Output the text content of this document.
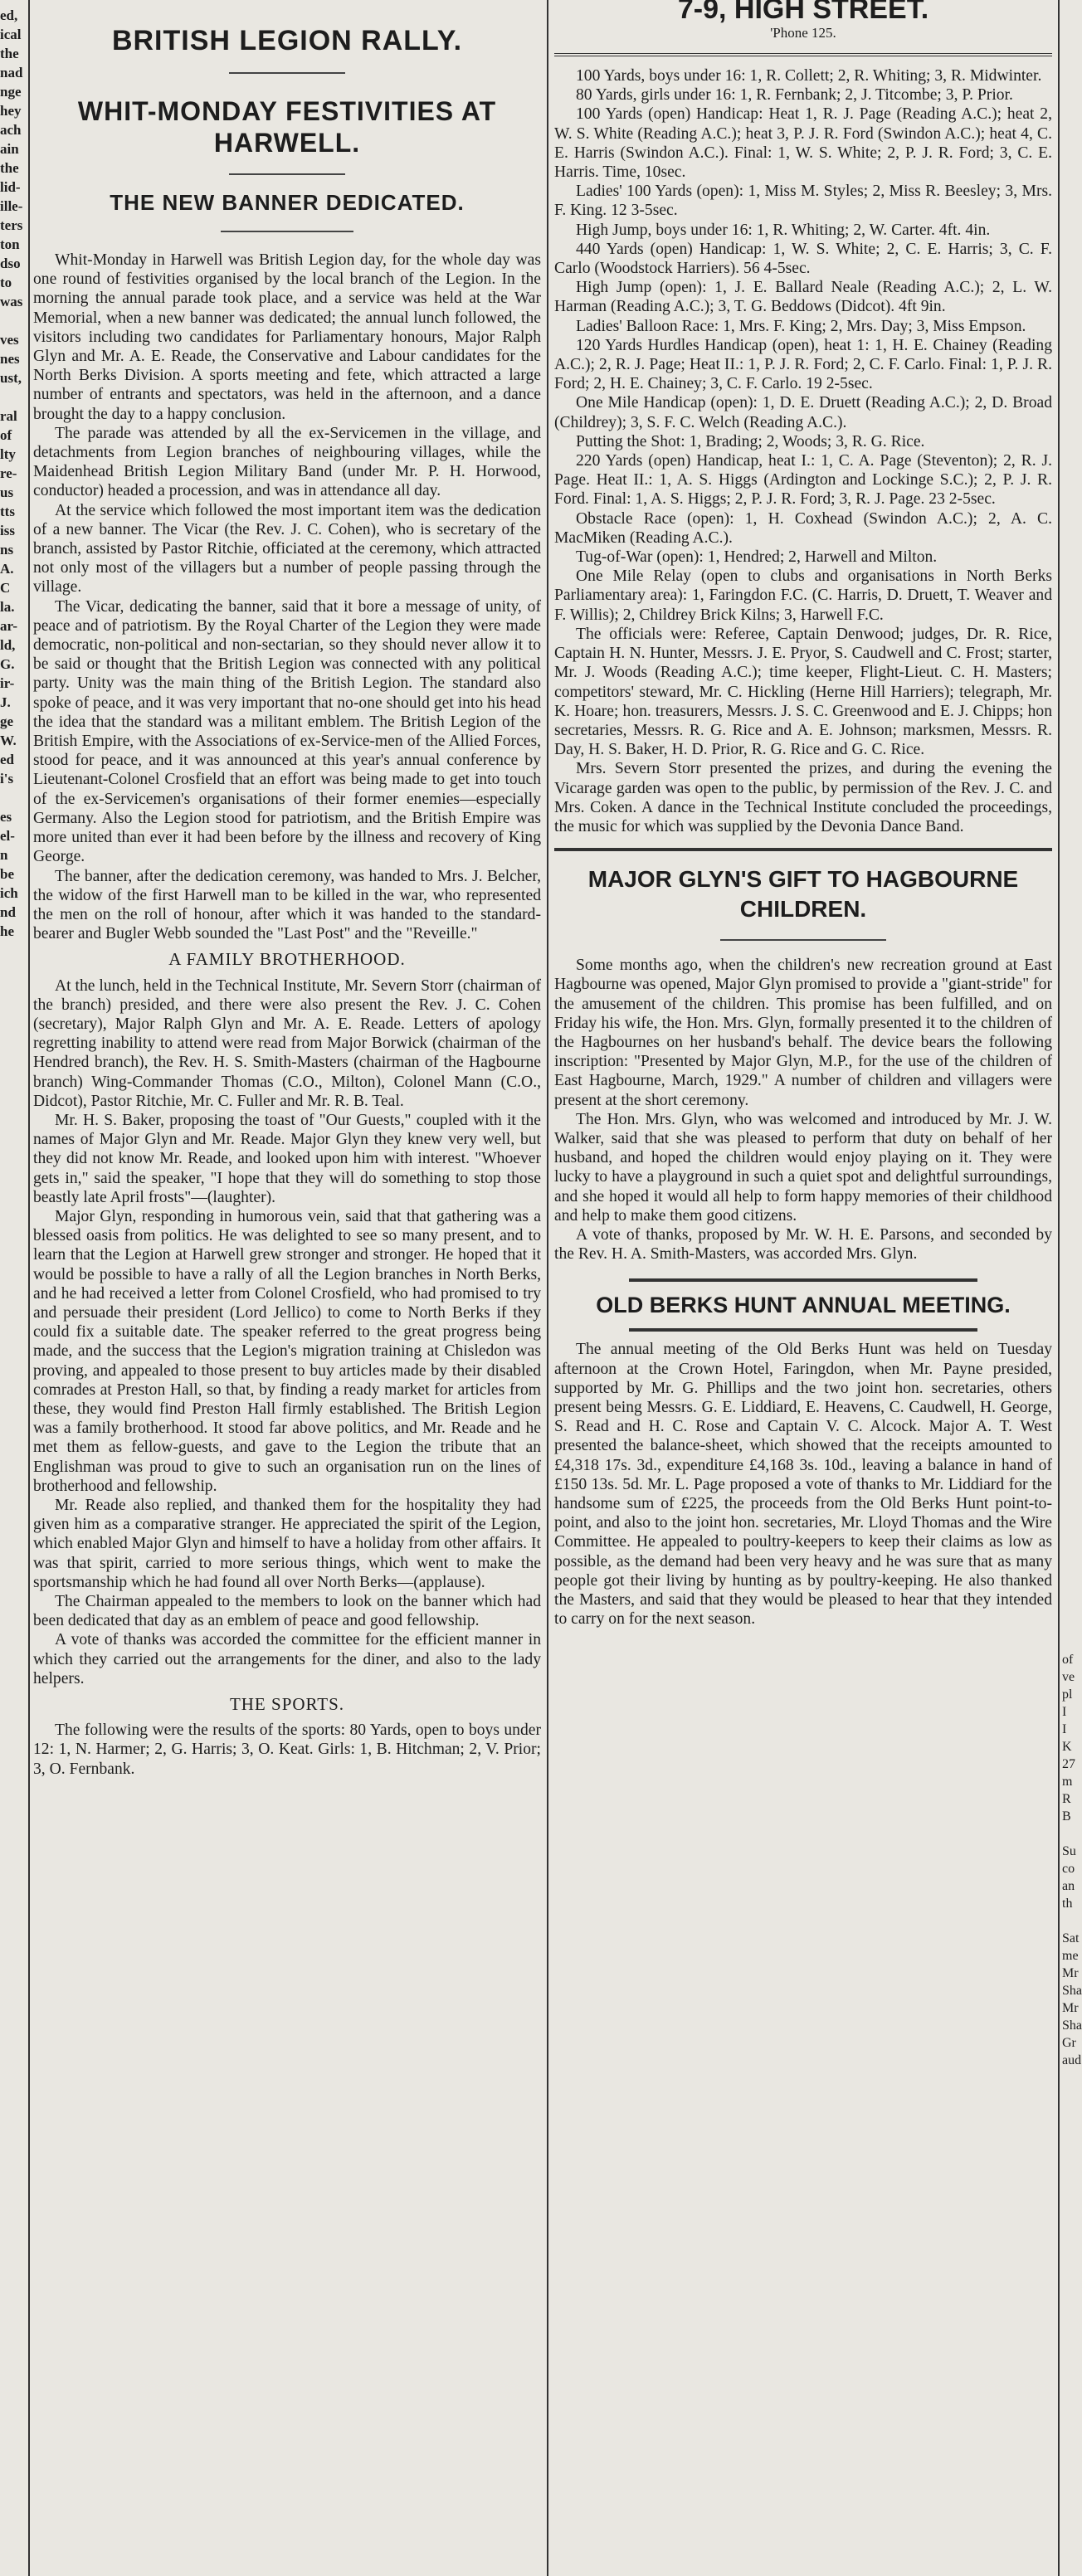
ed,
ical
the
nad
nge
hey
ach
ain
the
lid-
ille-
ters
ton
dso
to
was
ves
nes
ust,
ral
of
lty
re-
us
tts
iss
ns
A.
C
la.
ar-
ld,
G.
ir-
J.
ge
W.
ed
i's
es
el-
n
be
ich
nd
he
BRITISH LEGION RALLY.
WHIT-MONDAY FESTIVITIES AT HARWELL.
THE NEW BANNER DEDICATED.

Whit-Monday in Harwell was British Legion day, for the whole day was one round of festivities organised by the local branch of the Legion. In the morning the annual parade took place, and a service was held at the War Memorial, when a new banner was dedicated; the annual lunch followed, the visitors including two candidates for Parliamentary honours, Major Ralph Glyn and Mr. A. E. Reade, the Conservative and Labour candidates for the North Berks Division. A sports meeting and fete, which attracted a large number of entrants and spectators, was held in the afternoon, and a dance brought the day to a happy conclusion.

The parade was attended by all the ex-Servicemen in the village, and detachments from Legion branches of neighbouring villages, while the Maidenhead British Legion Military Band (under Mr. P. H. Horwood, conductor) headed a procession, and was in attendance all day.

At the service which followed the most important item was the dedication of a new banner. The Vicar (the Rev. J. C. Cohen), who is secretary of the branch, assisted by Pastor Ritchie, officiated at the ceremony, which attracted not only most of the villagers but a number of people passing through the village.

The Vicar, dedicating the banner, said that it bore a message of unity, of peace and of patriotism. By the Royal Charter of the Legion they were made democratic, non-political and non-sectarian, so they should never allow it to be said or thought that the British Legion was connected with any political party. Unity was the main thing of the British Legion. The standard also spoke of peace, and it was very important that no-one should get into his head the idea that the standard was a militant emblem. The British Legion of the British Empire, with the Associations of ex-Service-men of the Allied Forces, stood for peace, and it was announced at this year's annual conference by Lieutenant-Colonel Crosfield that an effort was being made to get into touch of the ex-Servicemen's organisations of their former enemies—especially Germany. Also the Legion stood for patriotism, and the British Empire was more united than ever it had been before by the illness and recovery of King George.

The banner, after the dedication ceremony, was handed to Mrs. J. Belcher, the widow of the first Harwell man to be killed in the war, who represented the men on the roll of honour, after which it was handed to the standard-bearer and Bugler Webb sounded the "Last Post" and the "Reveille."

A FAMILY BROTHERHOOD.

At the lunch, held in the Technical Institute, Mr. Severn Storr (chairman of the branch) presided, and there were also present the Rev. J. C. Cohen (secretary), Major Ralph Glyn and Mr. A. E. Reade. Letters of apology regretting inability to attend were read from Major Borwick (chairman of the Hendred branch), the Rev. H. S. Smith-Masters (chairman of the Hagbourne branch) Wing-Commander Thomas (C.O., Milton), Colonel Mann (C.O., Didcot), Pastor Ritchie, Mr. C. Fuller and Mr. R. B. Teal.

Mr. H. S. Baker, proposing the toast of "Our Guests," coupled with it the names of Major Glyn and Mr. Reade. Major Glyn they knew very well, but they did not know Mr. Reade, and looked upon him with interest. "Whoever gets in," said the speaker, "I hope that they will do something to stop those beastly late April frosts"—(laughter).

Major Glyn, responding in humorous vein, said that that gathering was a blessed oasis from politics. He was delighted to see so many present, and to learn that the Legion at Harwell grew stronger and stronger. He hoped that it would be possible to have a rally of all the Legion branches in North Berks, and he had received a letter from Colonel Crosfield, who had promised to try and persuade their president (Lord Jellico) to come to North Berks if they could fix a suitable date. The speaker referred to the great progress being made, and the success that the Legion's migration training at Chisledon was proving, and appealed to those present to buy articles made by their disabled comrades at Preston Hall, so that, by finding a ready market for articles from these, they would find Preston Hall firmly established. The British Legion was a family brotherhood. It stood far above politics, and Mr. Reade and he met them as fellow-guests, and gave to the Legion the tribute that an Englishman was proud to give to such an organisation run on the lines of brotherhood and fellowship.

Mr. Reade also replied, and thanked them for the hospitality they had given him as a comparative stranger. He appreciated the spirit of the Legion, which enabled Major Glyn and himself to have a holiday from other affairs. It was that spirit, carried to more serious things, which went to make the sportsmanship which he had found all over North Berks—(applause).

The Chairman appealed to the members to look on the banner which had been dedicated that day as an emblem of peace and good fellowship.

A vote of thanks was accorded the committee for the efficient manner in which they carried out the arrangements for the diner, and also to the lady helpers.

THE SPORTS.

The following were the results of the sports: 80 Yards, open to boys under 12: 1, N. Harmer; 2, G. Harris; 3, O. Keat. Girls: 1, B. Hitchman; 2, V. Prior; 3, O. Fernbank.

7-9, HIGH STREET.
'Phone 125.

100 Yards, boys under 16: 1, R. Collett; 2, R. Whiting; 3, R. Midwinter.

80 Yards, girls under 16: 1, R. Fernbank; 2, J. Titcombe; 3, P. Prior.

100 Yards (open) Handicap: Heat 1, R. J. Page (Reading A.C.); heat 2, W. S. White (Reading A.C.); heat 3, P. J. R. Ford (Swindon A.C.); heat 4, C. E. Harris (Swindon A.C.). Final: 1, W. S. White; 2, P. J. R. Ford; 3, C. E. Harris. Time, 10sec.

Ladies' 100 Yards (open): 1, Miss M. Styles; 2, Miss R. Beesley; 3, Mrs. F. King. 12 3-5sec.

High Jump, boys under 16: 1, R. Whiting; 2, W. Carter. 4ft. 4in.

440 Yards (open) Handicap: 1, W. S. White; 2, C. E. Harris; 3, C. F. Carlo (Woodstock Harriers). 56 4-5sec.

High Jump (open): 1, J. E. Ballard Neale (Reading A.C.); 2, L. W. Harman (Reading A.C.); 3, T. G. Beddows (Didcot). 4ft 9in.

Ladies' Balloon Race: 1, Mrs. F. King; 2, Mrs. Day; 3, Miss Empson.

120 Yards Hurdles Handicap (open), heat 1: 1, H. E. Chainey (Reading A.C.); 2, R. J. Page; Heat II.: 1, P. J. R. Ford; 2, C. F. Carlo. Final: 1, P. J. R. Ford; 2, H. E. Chainey; 3, C. F. Carlo. 19 2-5sec.

One Mile Handicap (open): 1, D. E. Druett (Reading A.C.); 2, D. Broad (Childrey); 3, S. F. C. Welch (Reading A.C.).

Putting the Shot: 1, Brading; 2, Woods; 3, R. G. Rice.

220 Yards (open) Handicap, heat I.: 1, C. A. Page (Steventon); 2, R. J. Page. Heat II.: 1, A. S. Higgs (Ardington and Lockinge S.C.); 2, P. J. R. Ford. Final: 1, A. S. Higgs; 2, P. J. R. Ford; 3, R. J. Page. 23 2-5sec.

Obstacle Race (open): 1, H. Coxhead (Swindon A.C.); 2, A. C. MacMiken (Reading A.C.).

Tug-of-War (open): 1, Hendred; 2, Harwell and Milton.

One Mile Relay (open to clubs and organisations in North Berks Parliamentary area): 1, Faringdon F.C. (C. Harris, D. Druett, T. Weaver and F. Willis); 2, Childrey Brick Kilns; 3, Harwell F.C.

The officials were: Referee, Captain Denwood; judges, Dr. R. Rice, Captain H. N. Hunter, Messrs. J. E. Pryor, S. Caudwell and C. Frost; starter, Mr. J. Woods (Reading A.C.); time keeper, Flight-Lieut. C. H. Masters; competitors' steward, Mr. C. Hickling (Herne Hill Harriers); telegraph, Mr. K. Hoare; hon. treasurers, Messrs. J. S. C. Greenwood and E. J. Chipps; hon secretaries, Messrs. R. G. Rice and A. E. Johnson; marksmen, Messrs. R. Day, H. S. Baker, H. D. Prior, R. G. Rice and G. C. Rice.

Mrs. Severn Storr presented the prizes, and during the evening the Vicarage garden was open to the public, by permission of the Rev. J. C. and Mrs. Coken. A dance in the Technical Institute concluded the proceedings, the music for which was supplied by the Devonia Dance Band.

MAJOR GLYN'S GIFT TO HAGBOURNE CHILDREN.

Some months ago, when the children's new recreation ground at East Hagbourne was opened, Major Glyn promised to provide a "giant-stride" for the amusement of the children. This promise has been fulfilled, and on Friday his wife, the Hon. Mrs. Glyn, formally presented it to the children of the Hagbournes on her husband's behalf. The device bears the following inscription: "Presented by Major Glyn, M.P., for the use of the children of East Hagbourne, March, 1929." A number of children and villagers were present at the short ceremony.

The Hon. Mrs. Glyn, who was welcomed and introduced by Mr. J. W. Walker, said that she was pleased to perform that duty on behalf of her husband, and hoped the children would enjoy playing on it. They were lucky to have a playground in such a quiet spot and delightful surroundings, and she hoped it would all help to form happy memories of their childhood and help to make them good citizens.

A vote of thanks, proposed by Mr. W. H. E. Parsons, and seconded by the Rev. H. A. Smith-Masters, was accorded Mrs. Glyn.

OLD BERKS HUNT ANNUAL MEETING.

The annual meeting of the Old Berks Hunt was held on Tuesday afternoon at the Crown Hotel, Faringdon, when Mr. Payne presided, supported by Mr. G. Phillips and the two joint hon. secretaries, others present being Messrs. G. E. Liddiard, E. Heavens, C. Caudwell, H. George, S. Read and H. C. Rose and Captain V. C. Alcock. Major A. T. West presented the balance-sheet, which showed that the receipts amounted to £4,318 17s. 3d., expenditure £4,168 3s. 10d., leaving a balance in hand of £150 13s. 5d. Mr. L. Page proposed a vote of thanks to Mr. Liddiard for the handsome sum of £225, the proceeds from the Old Berks Hunt point-to-point, and also to the joint hon. secretaries, Mr. Lloyd Thomas and the Wire Committee. He appealed to poultry-keepers to keep their claims as low as possible, as the demand had been very heavy and he was sure that as many people got their living by hunting as by poultry-keeping. He also thanked the Masters, and said that they would be pleased to hear that they intended to carry on for the next season.

of
ve
pl
I
I
K
27
m
R
B
Su
co
an
th
Sat
me
Mr
Sha
Mr
Sha
Gr
aud
